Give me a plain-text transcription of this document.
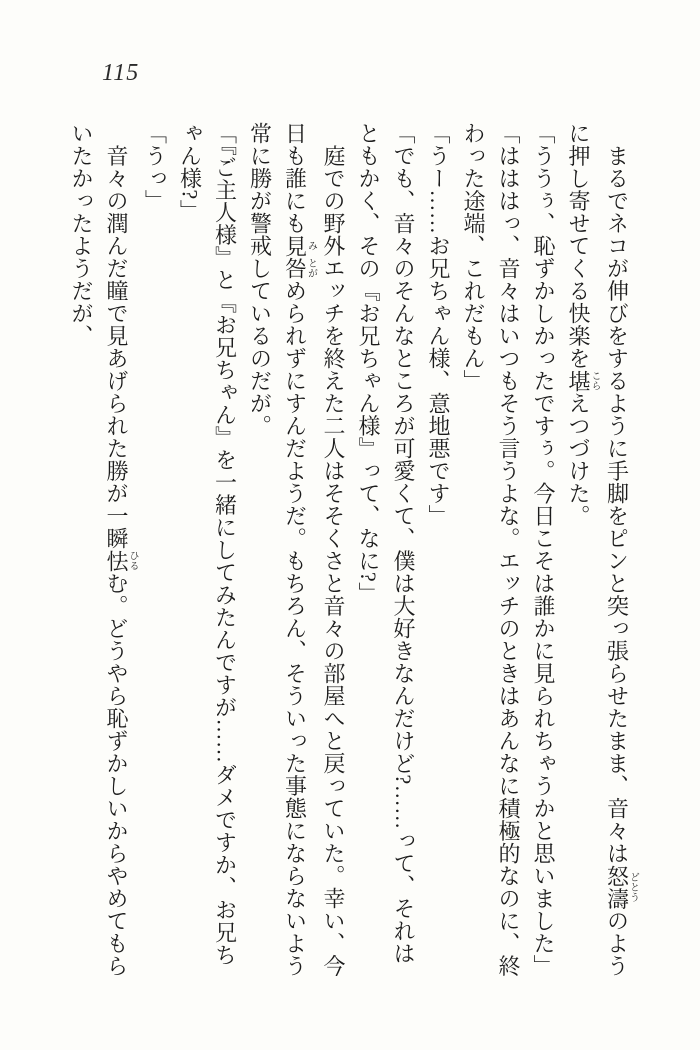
115
　まるでネコが伸びをするように手脚をピンと突っ張らせたまま、音々は怒濤どとうのよう
に押し寄せてくる快楽を堪こらえつづけた。
「ううぅ、恥ずかしかったですぅ。今日こそは誰かに見られちゃうかと思いました」
「はははっ、音々はいつもそう言うよな。エッチのときはあんなに積極的なのに、終
わった途端、これだもん」
「うー……お兄ちゃん様、意地悪です」
「でも、音々のそんなところが可愛くて、僕は大好きなんだけど?……って、それは
ともかく、その『お兄ちゃん様』って、なに?」
　庭での野外エッチを終えた二人はそそくさと音々の部屋へと戻っていた。幸い、今
日も誰にも見み咎とがめられずにすんだようだ。もちろん、そういった事態にならないよう
常に勝が警戒しているのだが。
「『ご主人様』と『お兄ちゃん』を一緒にしてみたんですが……ダメですか、お兄ち
ゃん様?」
「うっ」
　音々の潤んだ瞳で見あげられた勝が一瞬怯ひるむ。どうやら恥ずかしいからやめてもら
いたかったようだが、
